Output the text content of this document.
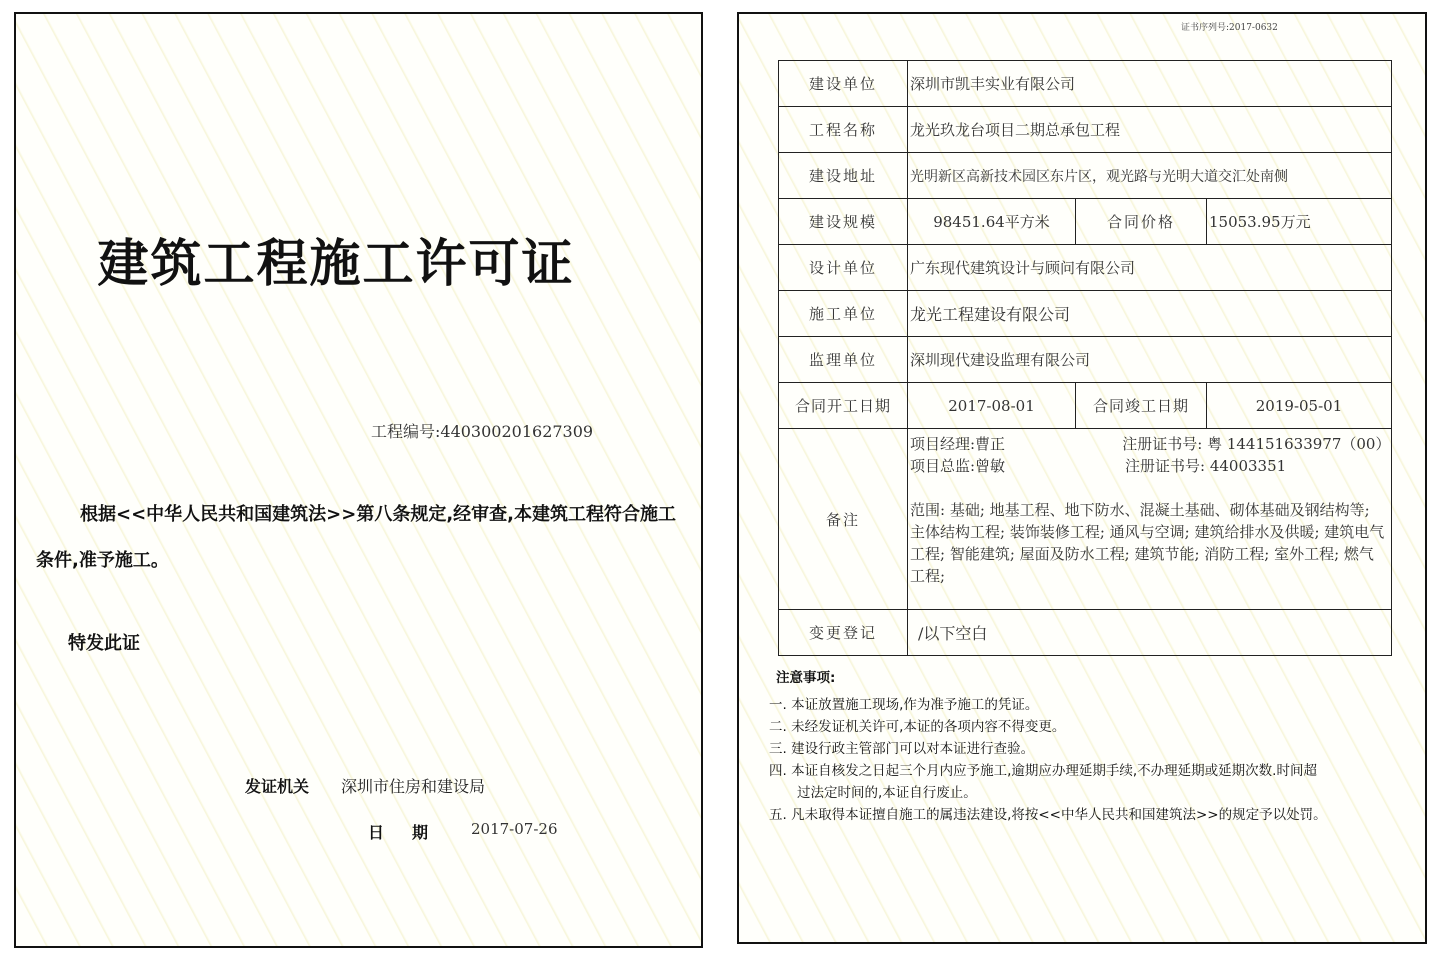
建筑工程施工许可证
工程编号:440300201627309
根据<<中华人民共和国建筑法>>第八条规定,经审查,本建筑工程符合施工条件,准予施工。
特发此证
发证机关 深圳市住房和建设局
日期 2017-07-26
证书序列号:2017-0632
建设单位	深圳市凯丰实业有限公司		
工程名称	龙光玖龙台项目二期总承包工程		
建设地址	光明新区高新技术园区东片区，观光路与光明大道交汇处南侧		
建设规模	98451.64平方米	合同价格	15053.95万元
设计单位	广东现代建筑设计与顾问有限公司		
施工单位	龙光工程建设有限公司		
监理单位	深圳现代建设监理有限公司		
合同开工日期	2017-08-01	合同竣工日期	2019-05-01
备注	项目经理:曹正 注册证书号: 粤 144151633977（00）
项目总监:曾敏 注册证书号: 44003351
范围: 基础; 地基工程、地下防水、混凝土基础、砌体基础及钢结构等; 主体结构工程; 装饰装修工程; 通风与空调; 建筑给排水及供暖; 建筑电气工程; 智能建筑; 屋面及防水工程; 建筑节能; 消防工程; 室外工程; 燃气工程;		

变更登记	/以下空白		
注意事项:
一. 本证放置施工现场,作为准予施工的凭证。
二. 未经发证机关许可,本证的各项内容不得变更。
三. 建设行政主管部门可以对本证进行查验。
四. 本证自核发之日起三个月内应予施工,逾期应办理延期手续,不办理延期或延期次数.时间超过法定时间的,本证自行废止。
五. 凡未取得本证擅自施工的属违法建设,将按<<中华人民共和国建筑法>>的规定予以处罚。
